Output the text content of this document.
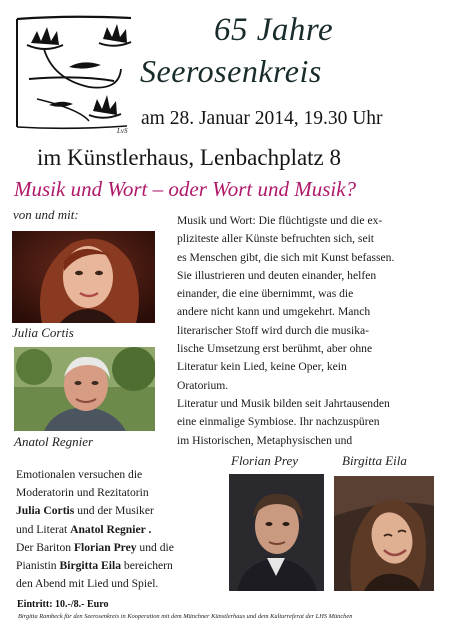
LvS
65 Jahre
Seerosenkreis
am 28. Januar 2014, 19.30 Uhr
im Künstlerhaus, Lenbachplatz 8
Musik und Wort – oder Wort und Musik?
von und mit:
Julia Cortis
Anatol Regnier
Musik und Wort: Die flüchtigste und die ex-
pliziteste aller Künste befruchten sich, seit
es Menschen gibt, die sich mit Kunst befassen.
Sie illustrieren und deuten einander, helfen
einander, die eine übernimmt, was die
andere nicht kann und umgekehrt. Manch
literarischer Stoff wird durch die musika-
lische Umsetzung erst berühmt, aber ohne
Literatur kein Lied, keine Oper, kein
Oratorium.
Literatur und Musik bilden seit Jahrtausenden
eine einmalige Symbiose. Ihr nachzuspüren
im Historischen, Metaphysischen und
Florian Prey	Birgitta Eila
Emotionalen versuchen die
Moderatorin und Rezitatorin
Julia Cortis und der Musiker
und Literat Anatol Regnier .
Der Bariton Florian Prey und die
Pianistin Birgitta Eila bereichern
den Abend mit Lied und Spiel.
Eintritt: 10.-/8.- Euro
Birgitta Rambeck für den Seerosenkreis in Kooperation mit dem Münchner Künstlerhaus und dem Kulturreferat der LHS München
